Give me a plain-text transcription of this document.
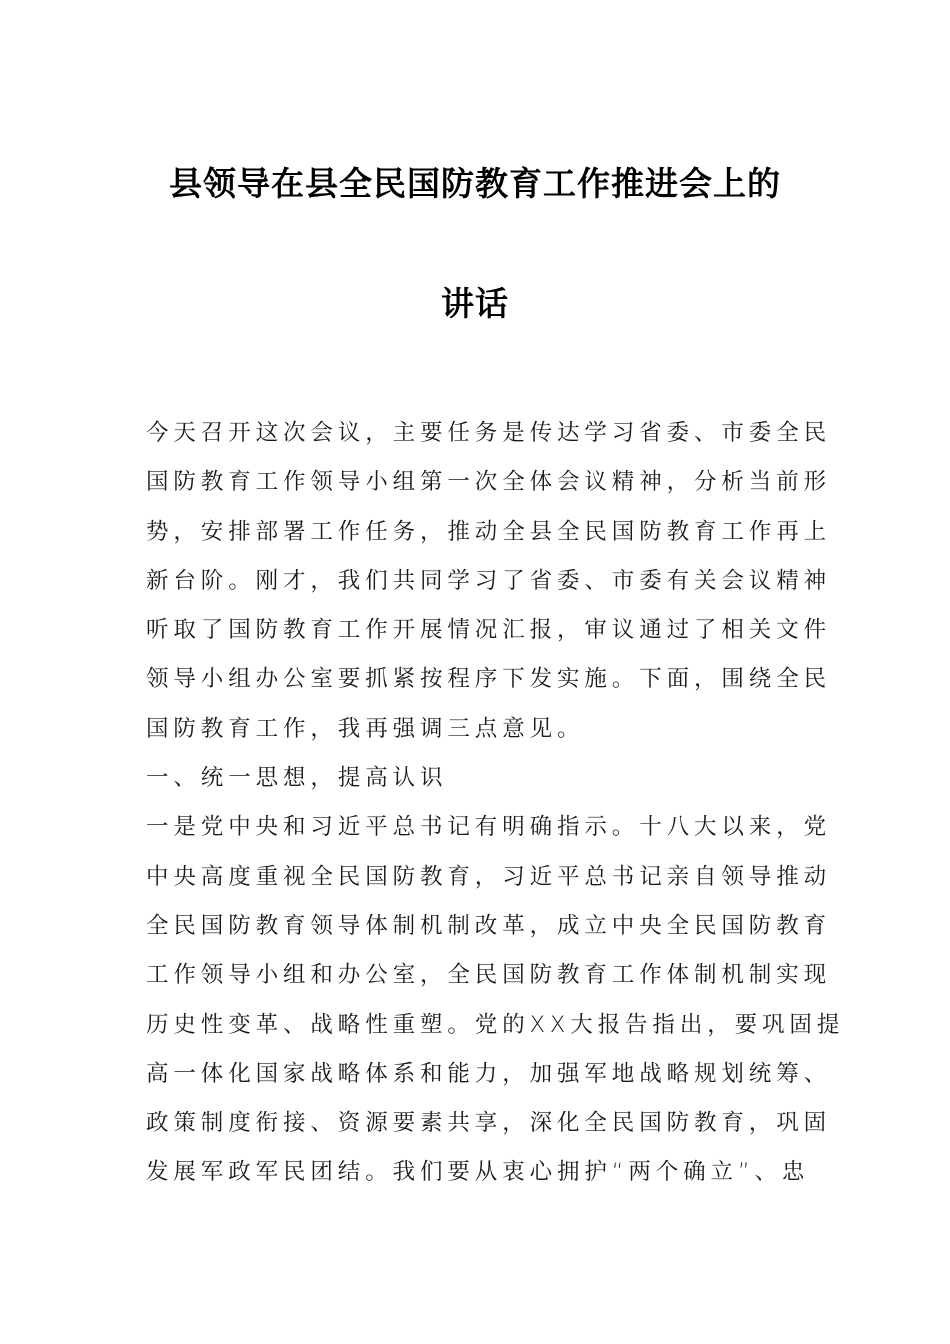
县领导在县全民国防教育工作推进会上的
讲话
今天召开这次会议，主要任务是传达学习省委、市委全民
国防教育工作领导小组第一次全体会议精神，分析当前形
势，安排部署工作任务，推动全县全民国防教育工作再上
新台阶。刚才，我们共同学习了省委、市委有关会议精神
听取了国防教育工作开展情况汇报，审议通过了相关文件
领导小组办公室要抓紧按程序下发实施。下面，围绕全民
国防教育工作，我再强调三点意见。
一、统一思想，提高认识
一是党中央和习近平总书记有明确指示。十八大以来，党
中央高度重视全民国防教育，习近平总书记亲自领导推动
全民国防教育领导体制机制改革，成立中央全民国防教育
工作领导小组和办公室，全民国防教育工作体制机制实现
历史性变革、战略性重塑。党的XX大报告指出，要巩固提
高一体化国家战略体系和能力，加强军地战略规划统筹、
政策制度衔接、资源要素共享，深化全民国防教育，巩固
发展军政军民团结。我们要从衷心拥护“两个确立”、忠
